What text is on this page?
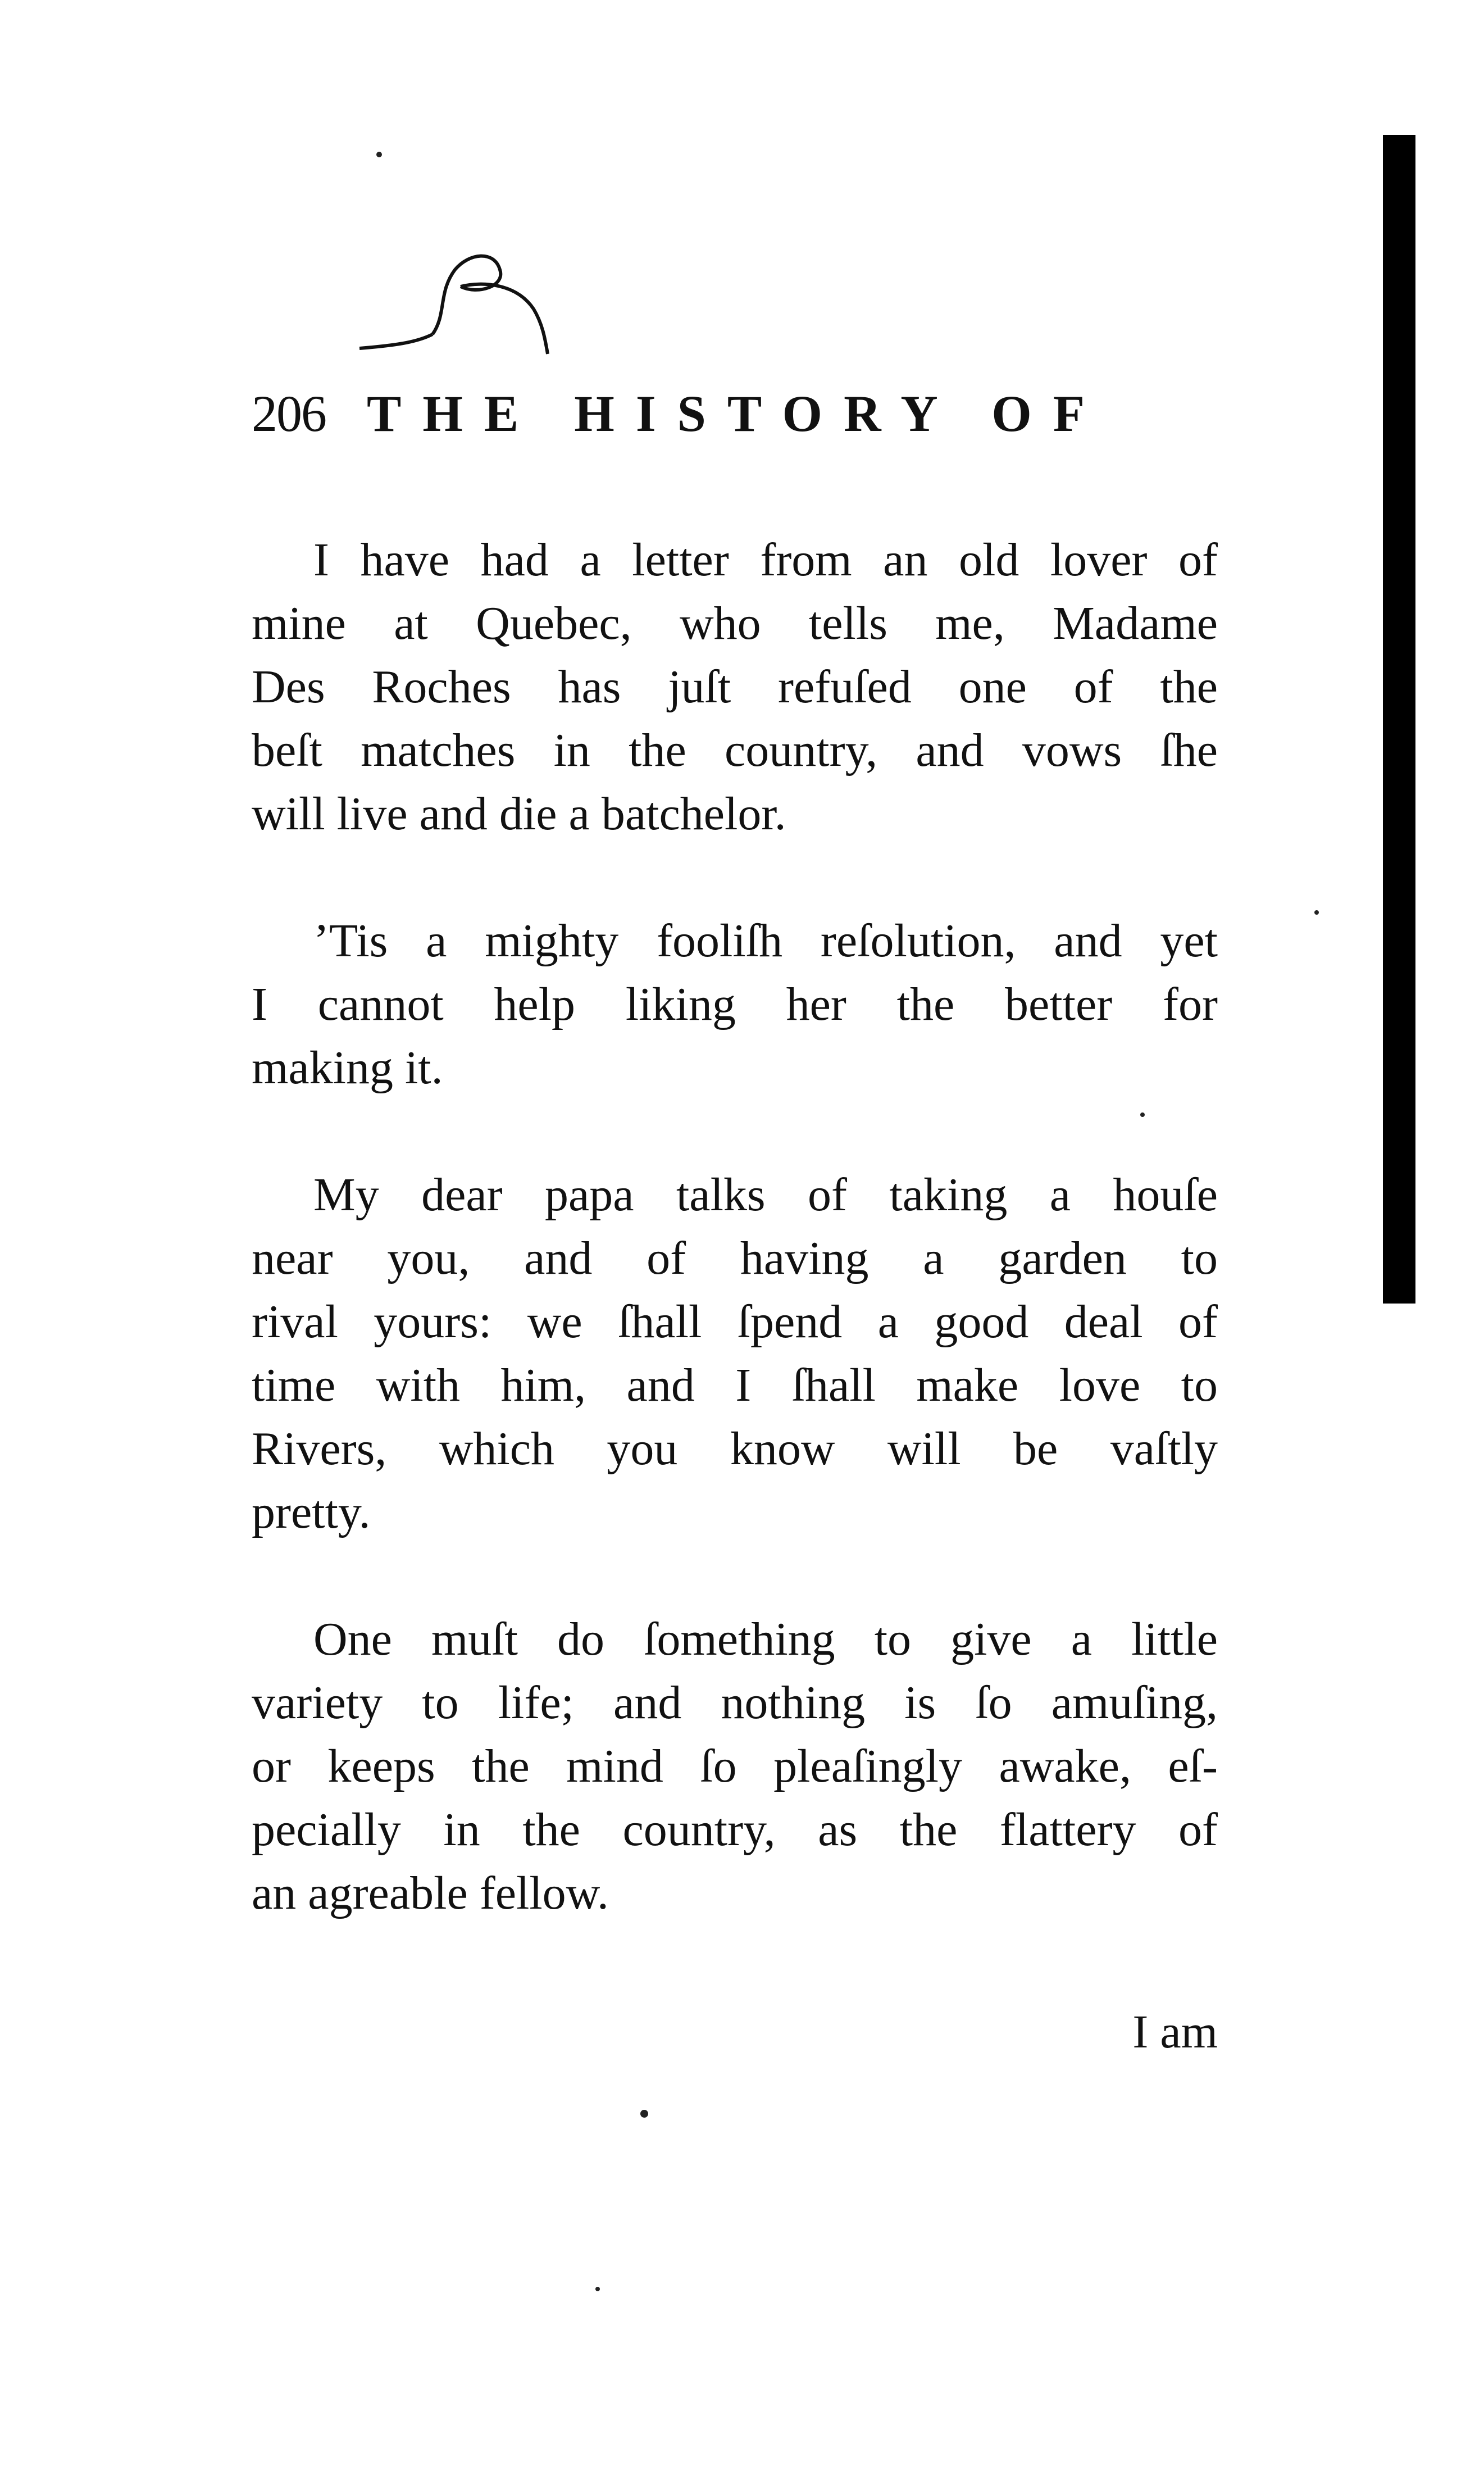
206 THE HISTORY OF
I have had a letter from an old lover of
mine at Quebec, who tells me, Madame
Des Roches has juſt refuſed one of the
beſt matches in the country, and vows ſhe
will live and die a batchelor.
’Tis a mighty fooliſh reſolution, and yet
I cannot help liking her the better for
making it.
My dear papa talks of taking a houſe
near you, and of having a garden to
rival yours: we ſhall ſpend a good deal of
time with him, and I ſhall make love to
Rivers, which you know will be vaſtly
pretty.
One muſt do ſomething to give a little
variety to life; and nothing is ſo amuſing,
or keeps the mind ſo pleaſingly awake, eſ-
pecially in the country, as the flattery of
an agreable fellow.
I am
